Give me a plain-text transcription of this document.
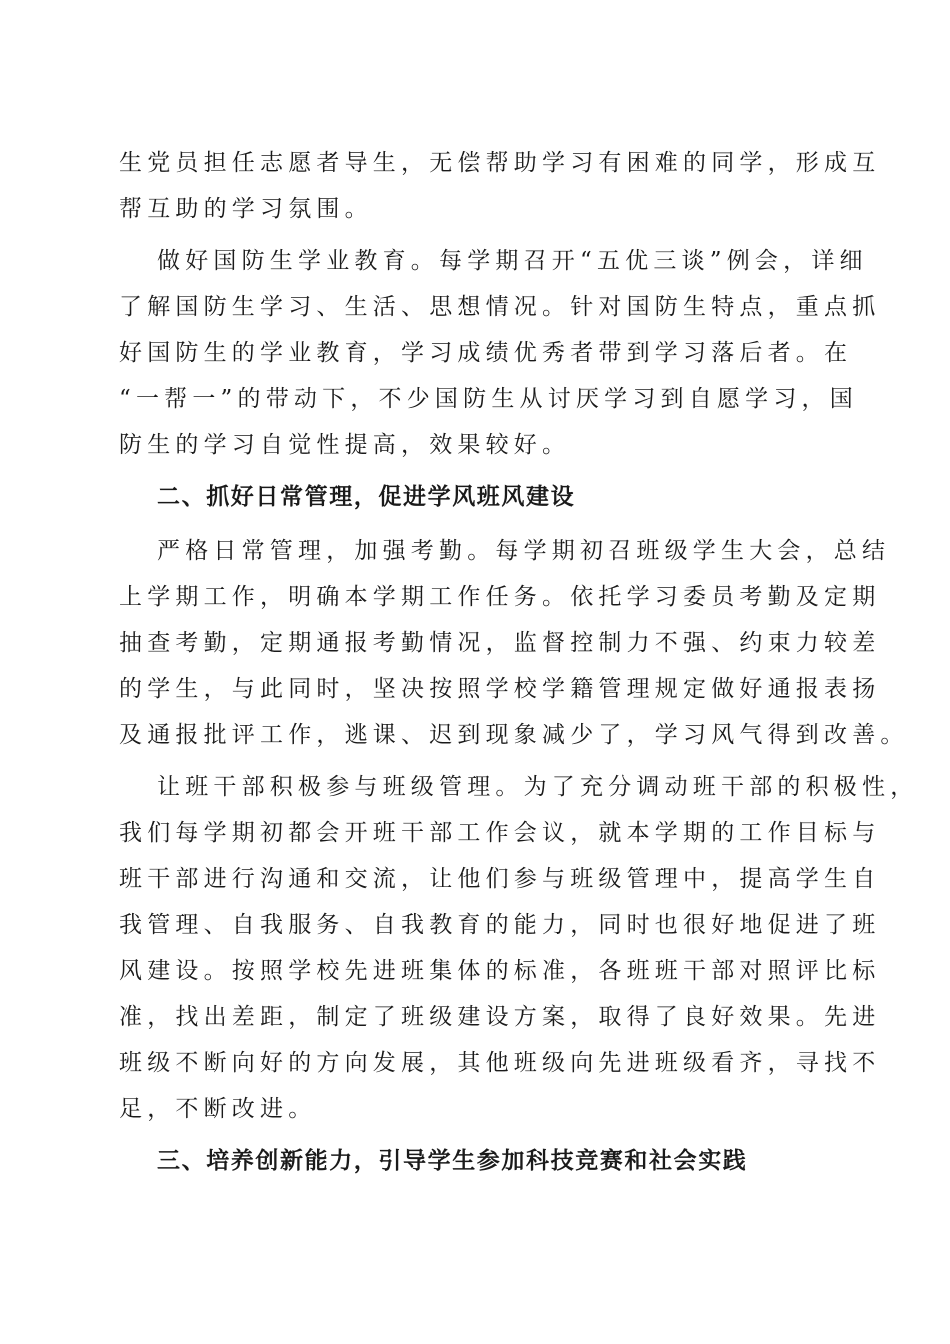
生党员担任志愿者导生，无偿帮助学习有困难的同学，形成互
帮互助的学习氛围。

做好国防生学业教育。每学期召开“五优三谈”例会，详细
了解国防生学习、生活、思想情况。针对国防生特点，重点抓
好国防生的学业教育，学习成绩优秀者带到学习落后者。在
“一帮一”的带动下，不少国防生从讨厌学习到自愿学习，国
防生的学习自觉性提高，效果较好。

二、抓好日常管理，促进学风班风建设

严格日常管理，加强考勤。每学期初召班级学生大会，总结
上学期工作，明确本学期工作任务。依托学习委员考勤及定期
抽查考勤，定期通报考勤情况，监督控制力不强、约束力较差
的学生，与此同时，坚决按照学校学籍管理规定做好通报表扬
及通报批评工作，逃课、迟到现象减少了，学习风气得到改善。

让班干部积极参与班级管理。为了充分调动班干部的积极性，
我们每学期初都会开班干部工作会议，就本学期的工作目标与
班干部进行沟通和交流，让他们参与班级管理中，提高学生自
我管理、自我服务、自我教育的能力，同时也很好地促进了班
风建设。按照学校先进班集体的标准，各班班干部对照评比标
准，找出差距，制定了班级建设方案，取得了良好效果。先进
班级不断向好的方向发展，其他班级向先进班级看齐，寻找不
足，不断改进。

三、培养创新能力，引导学生参加科技竞赛和社会实践
